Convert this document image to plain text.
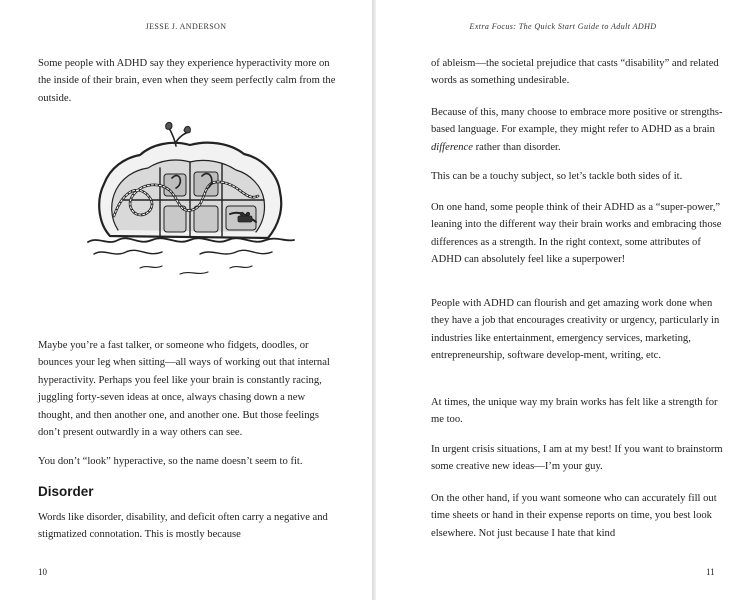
JESSE J. ANDERSON

Some people with ADHD say they experience hyperactivity more on the inside of their brain, even when they seem perfectly calm from the outside.

Maybe you’re a fast talker, or someone who fidgets, doodles, or bounces your leg when sitting—all ways of working out that internal hyperactivity. Perhaps you feel like your brain is constantly racing, juggling forty-seven ideas at once, always chasing down a new thought, and then another one, and another one. But those feelings don’t present outwardly in a way others can see.

You don’t “look” hyperactive, so the name doesn’t seem to fit.

Disorder

Words like disorder, disability, and deficit often carry a negative and stigmatized connotation. This is mostly because

10
Extra Focus: The Quick Start Guide to Adult ADHD

of ableism—the societal prejudice that casts “disability” and related words as something undesirable.

Because of this, many choose to embrace more positive or strengths-based language. For example, they might refer to ADHD as a brain difference rather than disorder.

This can be a touchy subject, so let’s tackle both sides of it.

On one hand, some people think of their ADHD as a “super-power,” leaning into the different way their brain works and embracing those differences as a strength. In the right context, some attributes of ADHD can absolutely feel like a superpower!

People with ADHD can flourish and get amazing work done when they have a job that encourages creativity or urgency, particularly in industries like entertainment, emergency services, marketing, entrepreneurship, software develop-ment, writing, etc.

At times, the unique way my brain works has felt like a strength for me too.

In urgent crisis situations, I am at my best! If you want to brainstorm some creative new ideas—I’m your guy.

On the other hand, if you want someone who can accurately fill out time sheets or hand in their expense reports on time, you best look elsewhere. Not just because I hate that kind

11
